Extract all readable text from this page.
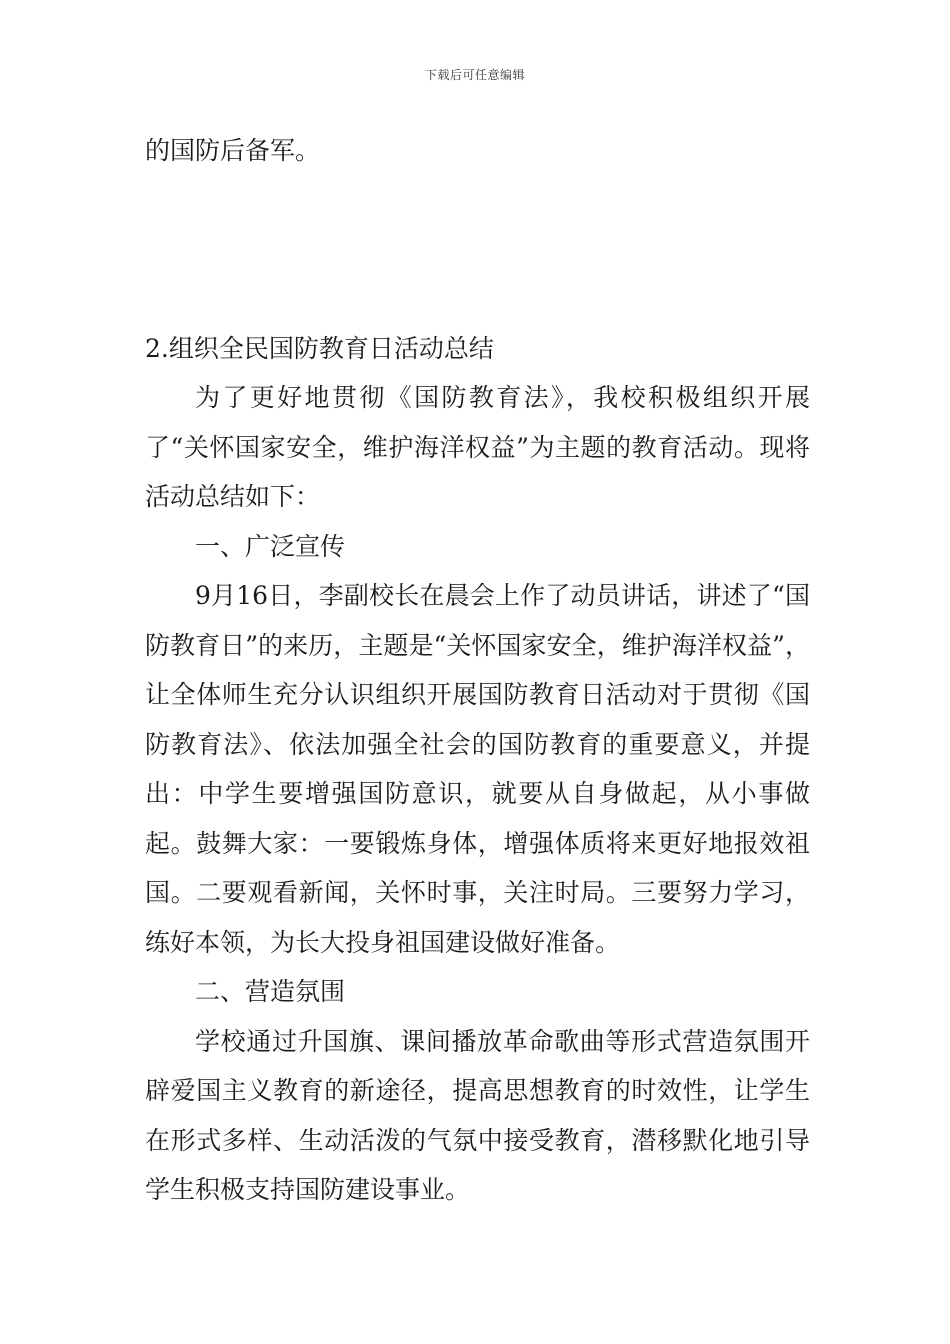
下载后可任意编辑

的国防后备军。

2.组织全民国防教育日活动总结

为了更好地贯彻《国防教育法》，我校积极组织开展了“关怀国家安全，维护海洋权益”为主题的教育活动。现将活动总结如下：

一、广泛宣传

9月16日，李副校长在晨会上作了动员讲话，讲述了“国防教育日”的来历，主题是“关怀国家安全，维护海洋权益”，让全体师生充分认识组织开展国防教育日活动对于贯彻《国防教育法》、依法加强全社会的国防教育的重要意义，并提出：中学生要增强国防意识，就要从自身做起，从小事做起。鼓舞大家：一要锻炼身体，增强体质将来更好地报效祖国。二要观看新闻，关怀时事，关注时局。三要努力学习，练好本领，为长大投身祖国建设做好准备。

二、营造氛围

学校通过升国旗、课间播放革命歌曲等形式营造氛围开辟爱国主义教育的新途径，提高思想教育的时效性，让学生在形式多样、生动活泼的气氛中接受教育，潜移默化地引导学生积极支持国防建设事业。
